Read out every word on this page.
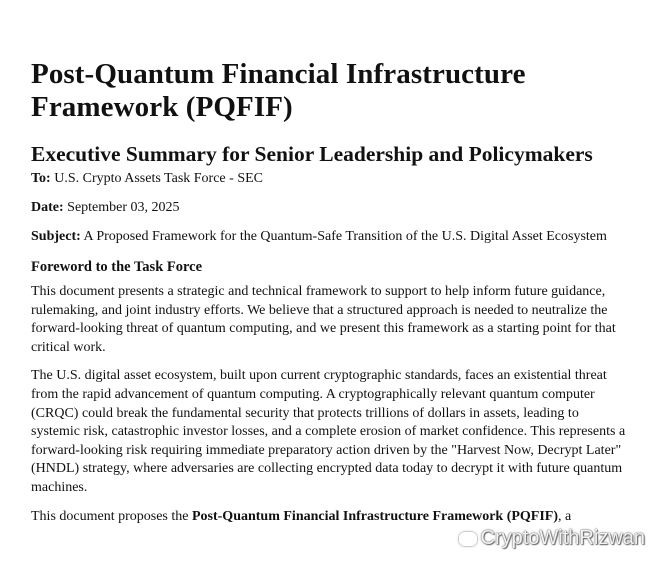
Post-Quantum Financial Infrastructure Framework (PQFIF)
Executive Summary for Senior Leadership and Policymakers
To: U.S. Crypto Assets Task Force - SEC
Date: September 03, 2025
Subject: A Proposed Framework for the Quantum-Safe Transition of the U.S. Digital Asset Ecosystem
Foreword to the Task Force

This document presents a strategic and technical framework to support to help inform future guidance, rulemaking, and joint industry efforts. We believe that a structured approach is needed to neutralize the forward-looking threat of quantum computing, and we present this framework as a starting point for that critical work.

The U.S. digital asset ecosystem, built upon current cryptographic standards, faces an existential threat from the rapid advancement of quantum computing. A cryptographically relevant quantum computer (CRQC) could break the fundamental security that protects trillions of dollars in assets, leading to systemic risk, catastrophic investor losses, and a complete erosion of market confidence. This represents a forward-looking risk requiring immediate preparatory action driven by the "Harvest Now, Decrypt Later" (HNDL) strategy, where adversaries are collecting encrypted data today to decrypt it with future quantum machines.

This document proposes the Post-Quantum Financial Infrastructure Framework (PQFIF), a

CryptoWithRizwan
